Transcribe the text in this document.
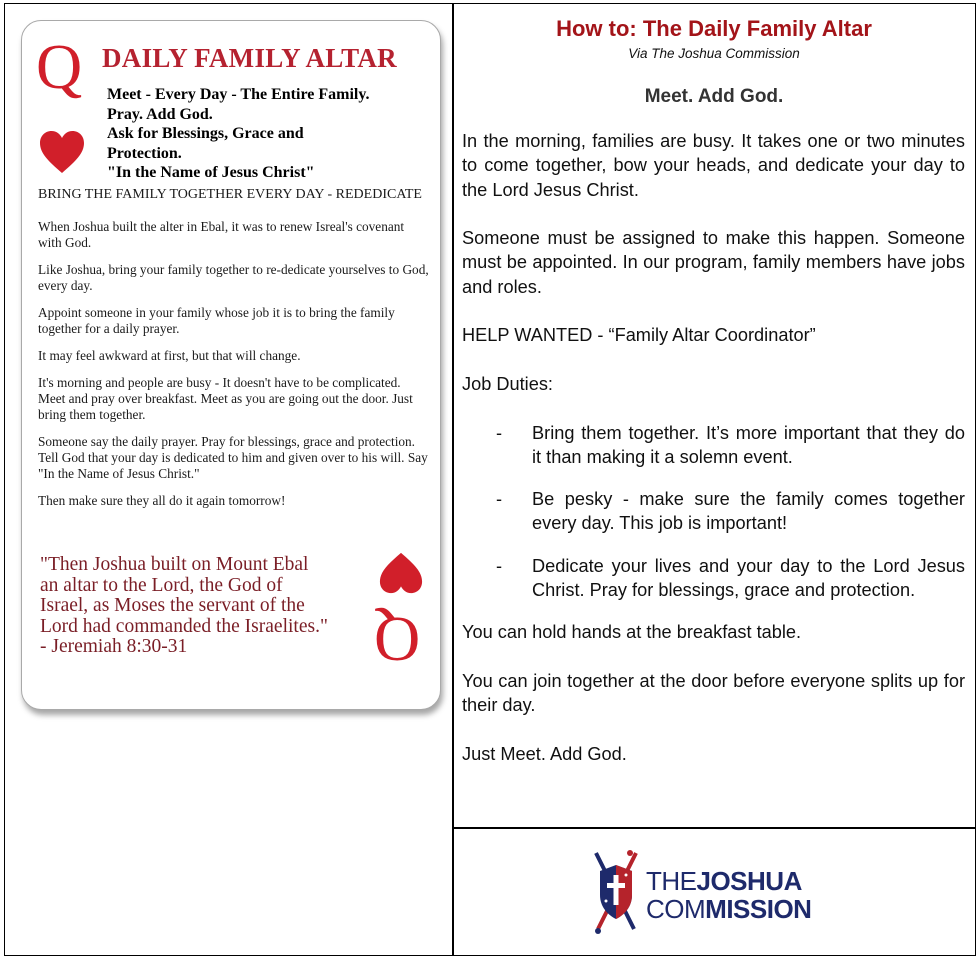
Q DAILY FAMILY ALTAR
Meet - Every Day - The Entire Family.
Pray. Add God.
Ask for Blessings, Grace and
Protection.
"In the Name of Jesus Christ"

BRING THE FAMILY TOGETHER EVERY DAY - REDEDICATE

When Joshua built the alter in Ebal, it was to renew Isreal's covenant with God.

Like Joshua, bring your family together to re-dedicate yourselves to God, every day.

Appoint someone in your family whose job it is to bring the family together for a daily prayer.

It may feel awkward at first, but that will change.

It's morning and people are busy - It doesn't have to be complicated. Meet and pray over breakfast. Meet as you are going out the door. Just bring them together.

Someone say the daily prayer. Pray for blessings, grace and protection. Tell God that your day is dedicated to him and given over to his will. Say "In the Name of Jesus Christ."

Then make sure they all do it again tomorrow!

"Then Joshua built on Mount Ebal
an altar to the Lord, the God of
Israel, as Moses the servant of the
Lord had commanded the Israelites."
- Jeremiah 8:30-31	Q
How to: The Daily Family Altar
Via The Joshua Commission
Meet. Add God.

In the morning, families are busy. It takes one or two minutes to come together, bow your heads, and dedicate your day to the Lord Jesus Christ.

Someone must be assigned to make this happen. Someone must be appointed. In our program, family members have jobs and roles.

HELP WANTED - “Family Altar Coordinator”

Job Duties:

- Bring them together. It’s more important that they do it than making it a solemn event.
- Be pesky - make sure the family comes together every day. This job is important!
- Dedicate your lives and your day to the Lord Jesus Christ. Pray for blessings, grace and protection.

You can hold hands at the breakfast table.

You can join together at the door before everyone splits up for their day.

Just Meet. Add God.

THEJOSHUA
COMMISSION
